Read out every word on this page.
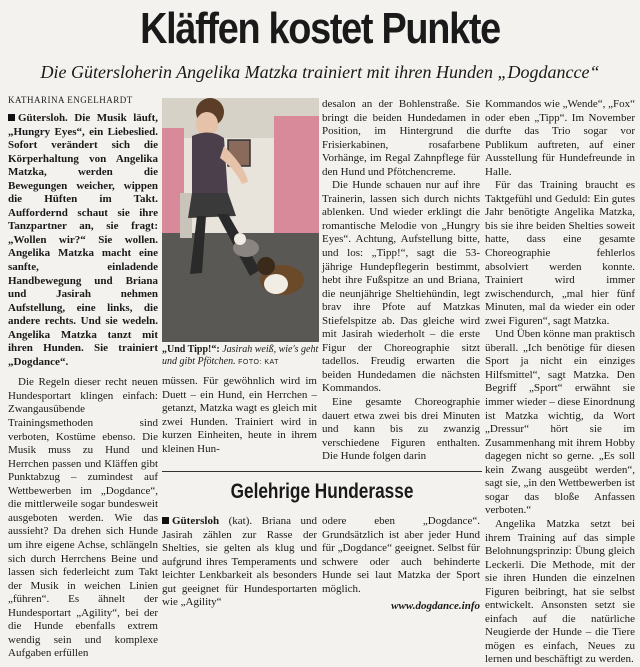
Kläffen kostet Punkte
Die Gütersloherin Angelika Matzka trainiert mit ihren Hunden „Dogdancce“
KATHARINA ENGELHARDT

Gütersloh. Die Musik läuft, „Hungry Eyes“, ein Liebeslied. Sofort verändert sich die Körperhaltung von Angelika Matzka, werden die Bewegungen weicher, wippen die Hüften im Takt. Auffordernd schaut sie ihre Tanzpartner an, sie fragt: „Wollen wir?“ Sie wollen. Angelika Matzka macht eine sanfte, einladende Handbewegung und Briana und Jasirah nehmen Aufstellung, eine links, die andere rechts. Und sie wedeln. Angelika Matzka tanzt mit ihren Hunden. Sie trainiert „Dogdance“.

Die Regeln dieser recht neuen Hundesportart klingen einfach: Zwangausübende Trainingsmethoden sind verboten, Kostüme ebenso. Die Musik muss zu Hund und Herrchen passen und Kläffen gibt Punktabzug – zumindest auf Wettbewerben im „Dogdance“, die mittlerweile sogar bundesweit ausgeboten werden. Wie das aussieht? Da drehen sich Hunde um ihre eigene Achse, schlängeln sich durch Herrchens Beine und lassen sich federleicht zum Takt der Musik in weichen Linien „führen“. Es ähnelt der Hundesportart „Agility“, bei der die Hunde ebenfalls extrem wendig sein und komplexe Aufgaben erfüllen

„Und Tipp!“: Jasirah weiß, wie's geht und gibt Pfötchen. FOTO: KAT

müssen. Für gewöhnlich wird im Duett – ein Hund, ein Herrchen – getanzt, Matzka wagt es gleich mit zwei Hunden. Trainiert wird in kurzen Einheiten, heute in ihrem kleinen Hun-

desalon an der Bohlenstraße. Sie bringt die beiden Hundedamen in Position, im Hintergrund die Frisierkabinen, rosafarbene Vorhänge, im Regal Zahnpflege für den Hund und Pfötchencreme.

Die Hunde schauen nur auf ihre Trainerin, lassen sich durch nichts ablenken. Und wieder erklingt die romantische Melodie von „Hungry Eyes“. Achtung, Aufstellung bitte, und los: „Tipp!“, sagt die 53-jährige Hundepflegerin bestimmt, hebt ihre Fußspitze an und Briana, die neunjährige Sheltiehündin, legt brav ihre Pfote auf Matzkas Stiefelspitze ab. Das gleiche wird mit Jasirah wiederholt – die erste Figur der Choreographie sitzt tadellos. Freudig erwarten die beiden Hundedamen die nächsten Kommandos.

Eine gesamte Choreographie dauert etwa zwei bis drei Minuten und kann bis zu zwanzig verschiedene Figuren enthalten. Die Hunde folgen darin

Kommandos wie „Wende“, „Fox“ oder eben „Tipp“. Im November durfte das Trio sogar vor Publikum auftreten, auf einer Ausstellung für Hundefreunde in Halle.

Für das Training braucht es Taktgefühl und Geduld: Ein gutes Jahr benötigte Angelika Matzka, bis sie ihre beiden Shelties soweit hatte, dass eine gesamte Choreographie fehlerlos absolviert werden konnte. Trainiert wird immer zwischendurch, „mal hier fünf Minuten, mal da wieder ein oder zwei Figuren“, sagt Matzka.

Und Üben könne man praktisch überall. „Ich benötige für diesen Sport ja nicht ein einziges Hilfsmittel“, sagt Matzka. Den Begriff „Sport“ erwähnt sie immer wieder – diese Einordnung ist Matzka wichtig, da Wort „Dressur“ hört sie im Zusammenhang mit ihrem Hobby dagegen nicht so gerne. „Es soll kein Zwang ausgeübt werden“, sagt sie, „in den Wettbewerben ist sogar das bloße Anfassen verboten.“

Angelika Matzka setzt bei ihrem Training auf das simple Belohnungsprinzip: Übung gleich Leckerli. Die Methode, mit der sie ihren Hunden die einzelnen Figuren beibringt, hat sie selbst entwickelt. Ansonsten setzt sie einfach auf die natürliche Neugierde der Hunde – die Tiere mögen es einfach, Neues zu lernen und beschäftigt zu werden.

Gelehrige Hunderasse

Gütersloh (kat). Briana und Jasirah zählen zur Rasse der Shelties, sie gelten als klug und aufgrund ihres Temperaments und leichter Lenkbarkeit als besonders gut geeignet für Hundesportarten wie „Agility“

odere eben „Dogdance“. Grundsätzlich ist aber jeder Hund für „Dogdance“ geeignet. Selbst für schwere oder auch behinderte Hunde sei laut Matzka der Sport möglich.

www.dogdance.info
